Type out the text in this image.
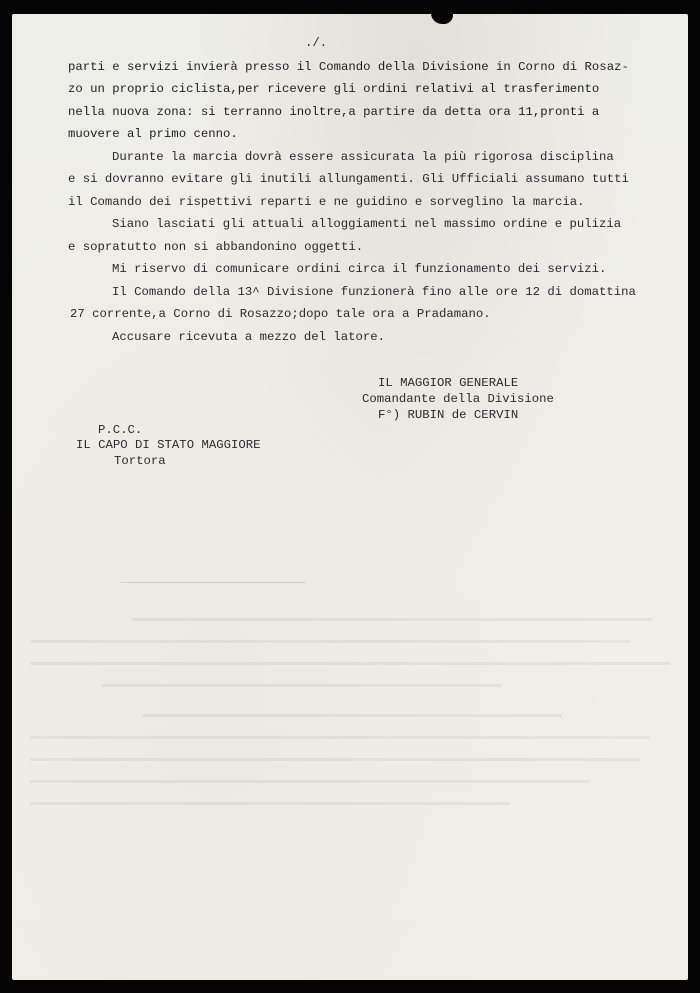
./.
parti e servizi invierà presso il Comando della Divisione in Corno di Rosaz-
zo un proprio ciclista,per ricevere gli ordini relativi al trasferimento
nella nuova zona: si terranno inoltre,a partire da detta ora 11,pronti a
muovere al primo cenno.
Durante la marcia dovrà essere assicurata la più rigorosa disciplina
e si dovranno evitare gli inutili allungamenti. Gli Ufficiali assumano tutti
il Comando dei rispettivi reparti e ne guidino e sorveglino la marcia.
Siano lasciati gli attuali alloggiamenti nel massimo ordine e pulizia
e sopratutto non si abbandonino oggetti.
Mi riservo di comunicare ordini circa il funzionamento dei servizi.
Il Comando della 13^ Divisione funzionerà fino alle ore 12 di domattina
27 corrente,a Corno di Rosazzo;dopo tale ora a Pradamano.
Accusare ricevuta a mezzo del latore.
IL MAGGIOR GENERALE
Comandante della Divisione
F°) RUBIN de CERVIN
P.C.C.
IL CAPO DI STATO MAGGIORE
Tortora
